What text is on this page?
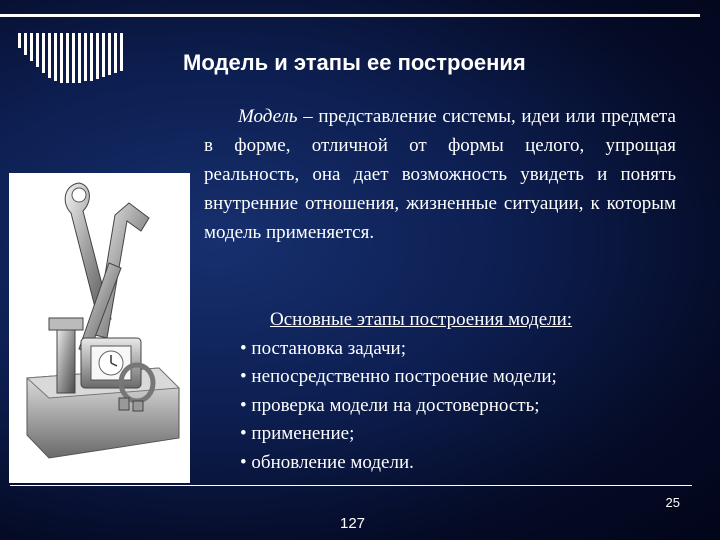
Модель и этапы ее построения
Модель – представление системы, идеи или предмета в форме, отличной от формы целого, упрощая реальность, она дает возможность увидеть и понять внутренние отношения, жизненные ситуации, к которым модель применяется.
Основные этапы построения модели:
• постановка задачи;
• непосредственно построение модели;
• проверка модели на достоверность;
• применение;
• обновление модели.
25
127
